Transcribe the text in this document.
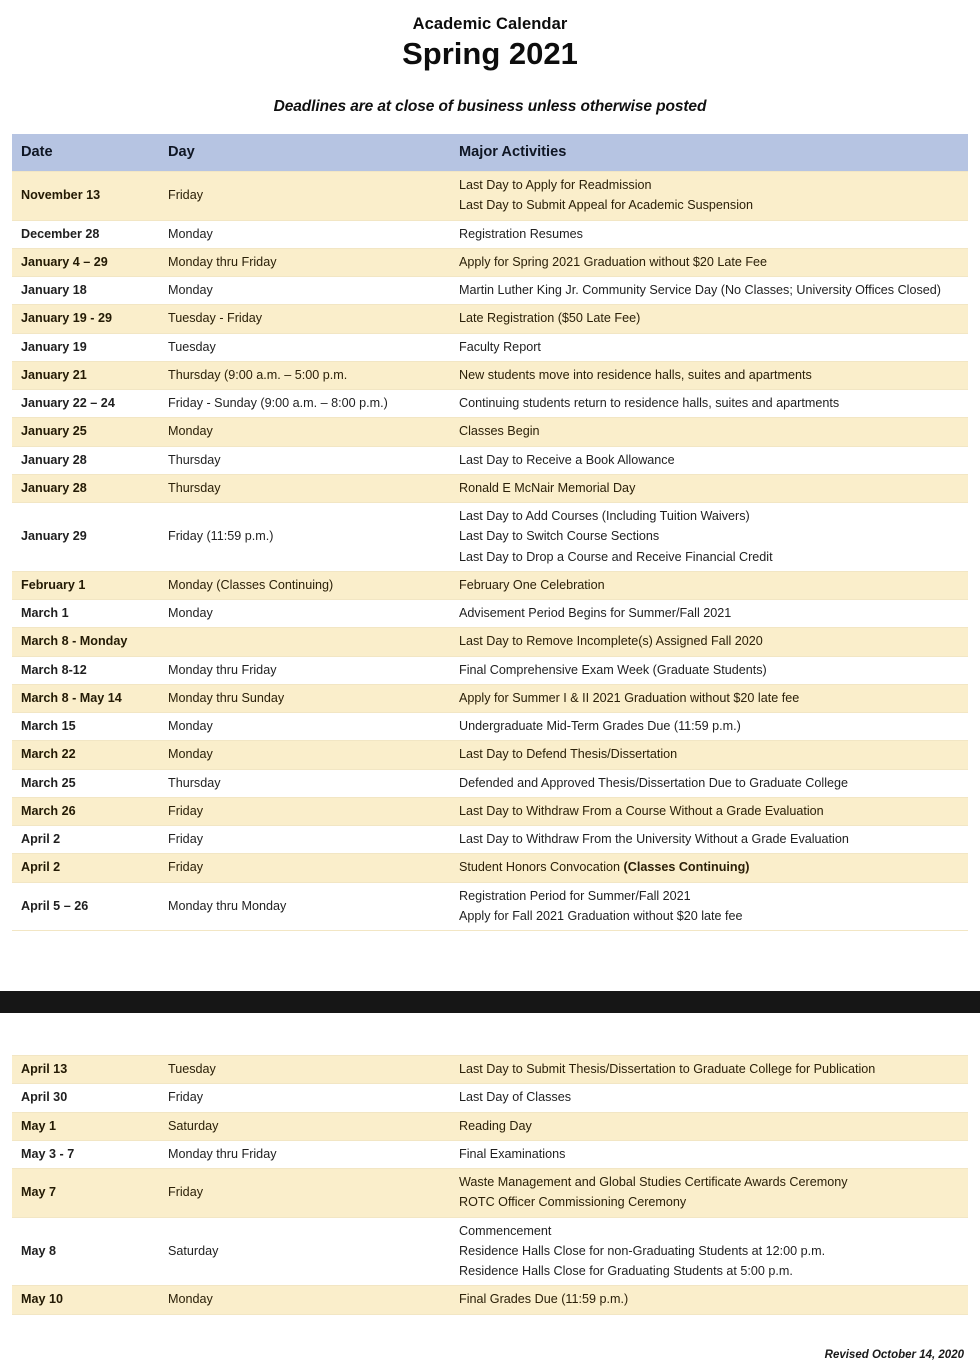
Academic Calendar
Spring 2021
Deadlines are at close of business unless otherwise posted
Date	Day	Major Activities
November 13	Friday	Last Day to Apply for Readmission
Last Day to Submit Appeal for Academic Suspension

December 28	Monday	Registration Resumes

January 4 – 29	Monday thru Friday	Apply for Spring 2021 Graduation without $20 Late Fee

January 18	Monday	Martin Luther King Jr. Community Service Day (No Classes; University Offices Closed)

January 19 - 29	Tuesday - Friday	Late Registration ($50 Late Fee)

January 19	Tuesday	Faculty Report

January 21	Thursday (9:00 a.m. – 5:00 p.m.	New students move into residence halls, suites and apartments

January 22 – 24	Friday - Sunday (9:00 a.m. – 8:00 p.m.)	Continuing students return to residence halls, suites and apartments

January 25	Monday	Classes Begin

January 28	Thursday	Last Day to Receive a Book Allowance

January 28	Thursday	Ronald E McNair Memorial Day

January 29	Friday (11:59 p.m.)	Last Day to Add Courses (Including Tuition Waivers)
Last Day to Switch Course Sections
Last Day to Drop a Course and Receive Financial Credit

February 1	Monday (Classes Continuing)	February One Celebration

March 1	Monday	Advisement Period Begins for Summer/Fall 2021

March 8 - Monday		Last Day to Remove Incomplete(s) Assigned Fall 2020

March 8-12	Monday thru Friday	Final Comprehensive Exam Week (Graduate Students)

March 8 - May 14	Monday thru Sunday	Apply for Summer I & II 2021 Graduation without $20 late fee

March 15	Monday	Undergraduate Mid-Term Grades Due (11:59 p.m.)

March 22	Monday	Last Day to Defend Thesis/Dissertation

March 25	Thursday	Defended and Approved Thesis/Dissertation Due to Graduate College

March 26	Friday	Last Day to Withdraw From a Course Without a Grade Evaluation

April 2	Friday	Last Day to Withdraw From the University Without a Grade Evaluation

April 2	Friday	Student Honors Convocation (Classes Continuing)

April 5 – 26	Monday thru Monday	Registration Period for Summer/Fall 2021
Apply for Fall 2021 Graduation without $20 late fee
April 13	Tuesday	Last Day to Submit Thesis/Dissertation to Graduate College for Publication

April 30	Friday	Last Day of Classes

May 1	Saturday	Reading Day

May 3 - 7	Monday thru Friday	Final Examinations

May 7	Friday	Waste Management and Global Studies Certificate Awards Ceremony
ROTC Officer Commissioning Ceremony

May 8	Saturday	Commencement
Residence Halls Close for non-Graduating Students at 12:00 p.m.
Residence Halls Close for Graduating Students at 5:00 p.m.

May 10	Monday	Final Grades Due (11:59 p.m.)
Revised October 14, 2020
